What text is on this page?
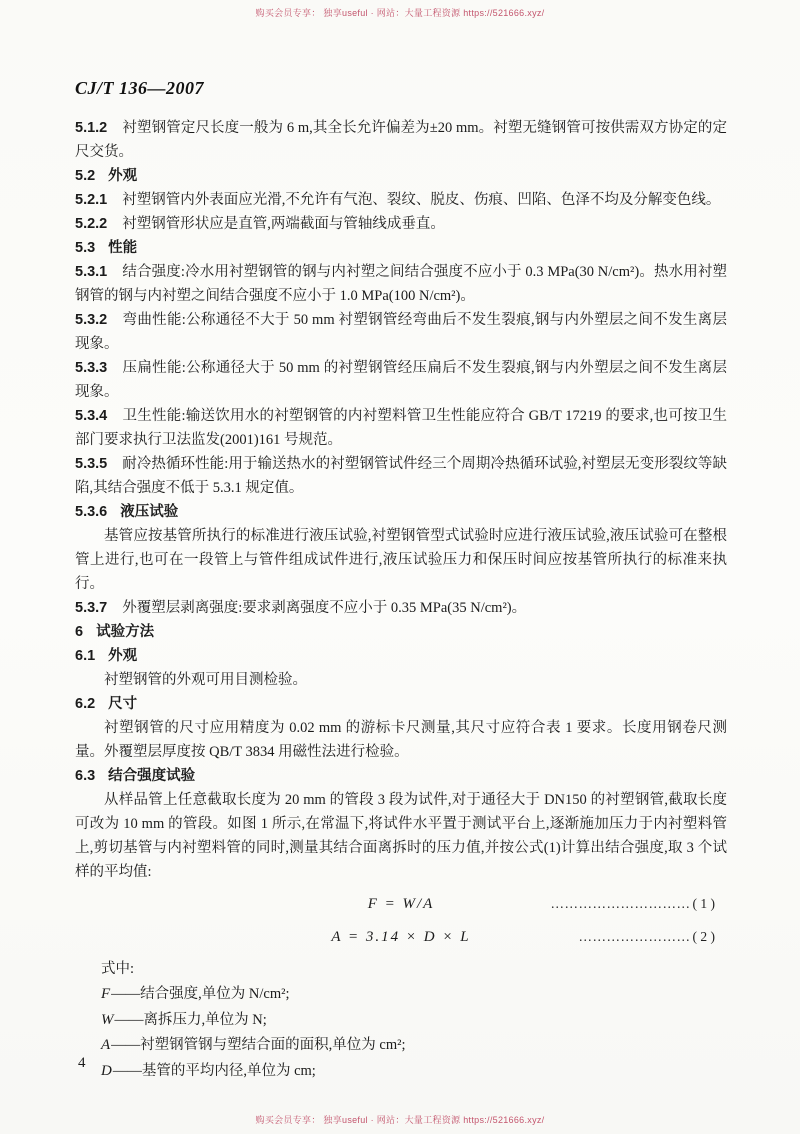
购买会员专享： 独享useful · 网站：大量工程资源 https://521666.xyz/
CJ/T 136—2007

5.1.2 衬塑钢管定尺长度一般为 6 m,其全长允许偏差为±20 mm。衬塑无缝钢管可按供需双方协定的定尺交货。

5.2 外观

5.2.1 衬塑钢管内外表面应光滑,不允许有气泡、裂纹、脱皮、伤痕、凹陷、色泽不均及分解变色线。

5.2.2 衬塑钢管形状应是直管,两端截面与管轴线成垂直。

5.3 性能

5.3.1 结合强度:冷水用衬塑钢管的钢与内衬塑之间结合强度不应小于 0.3 MPa(30 N/cm²)。热水用衬塑钢管的钢与内衬塑之间结合强度不应小于 1.0 MPa(100 N/cm²)。

5.3.2 弯曲性能:公称通径不大于 50 mm 衬塑钢管经弯曲后不发生裂痕,钢与内外塑层之间不发生离层现象。

5.3.3 压扁性能:公称通径大于 50 mm 的衬塑钢管经压扁后不发生裂痕,钢与内外塑层之间不发生离层现象。

5.3.4 卫生性能:输送饮用水的衬塑钢管的内衬塑料管卫生性能应符合 GB/T 17219 的要求,也可按卫生部门要求执行卫法监发(2001)161 号规范。

5.3.5 耐冷热循环性能:用于输送热水的衬塑钢管试件经三个周期冷热循环试验,衬塑层无变形裂纹等缺陷,其结合强度不低于 5.3.1 规定值。

5.3.6 液压试验

基管应按基管所执行的标准进行液压试验,衬塑钢管型式试验时应进行液压试验,液压试验可在整根管上进行,也可在一段管上与管件组成试件进行,液压试验压力和保压时间应按基管所执行的标准来执行。

5.3.7 外覆塑层剥离强度:要求剥离强度不应小于 0.35 MPa(35 N/cm²)。

6 试验方法

6.1 外观

衬塑钢管的外观可用目测检验。

6.2 尺寸

衬塑钢管的尺寸应用精度为 0.02 mm 的游标卡尺测量,其尺寸应符合表 1 要求。长度用钢卷尺测量。外覆塑层厚度按 QB/T 3834 用磁性法进行检验。

6.3 结合强度试验

从样品管上任意截取长度为 20 mm 的管段 3 段为试件,对于通径大于 DN150 的衬塑钢管,截取长度可改为 10 mm 的管段。如图 1 所示,在常温下,将试件水平置于测试平台上,逐渐施加压力于内衬塑料管上,剪切基管与内衬塑料管的同时,测量其结合面离拆时的压力值,并按公式(1)计算出结合强度,取 3 个试样的平均值:

F = W/A	………………………… ( 1 )
A = 3.14 × D × L	…………………… ( 2 )

式中:

F——结合强度,单位为 N/cm²;

W——离拆压力,单位为 N;

A——衬塑钢管钢与塑结合面的面积,单位为 cm²;

D——基管的平均内径,单位为 cm;

4
购买会员专享： 独享useful · 网站：大量工程资源 https://521666.xyz/
